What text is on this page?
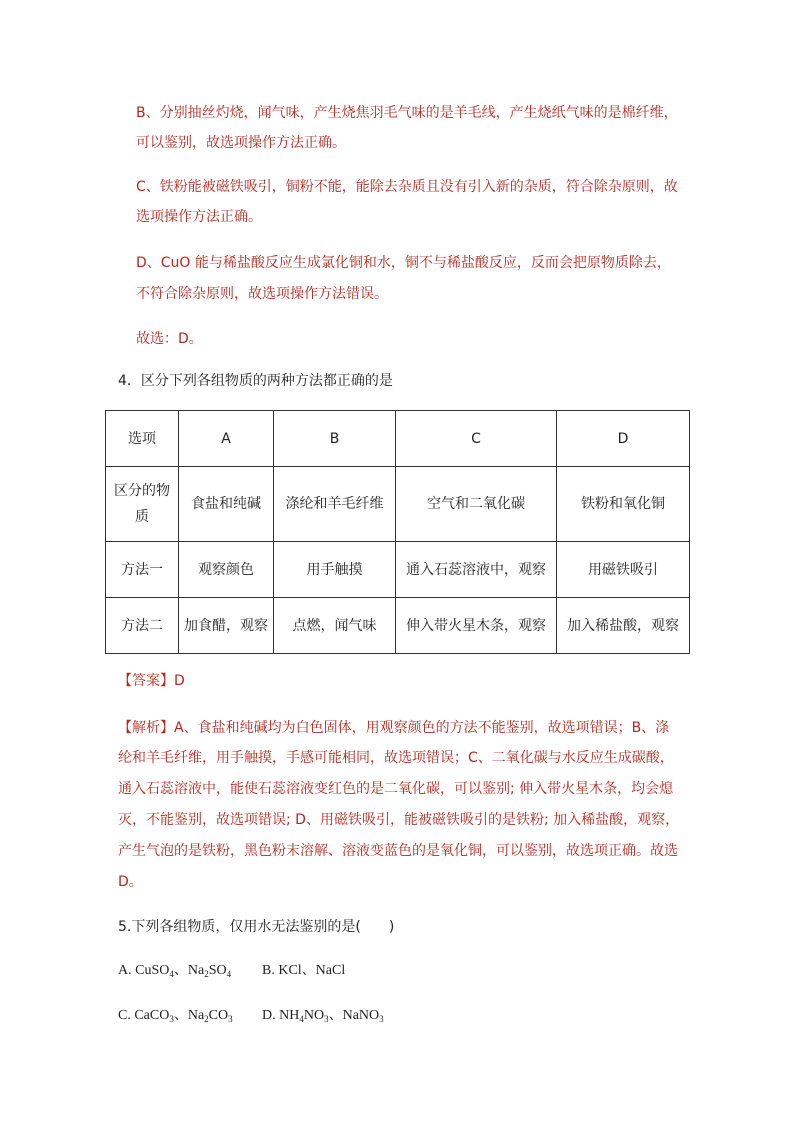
B、分别抽丝灼烧，闻气味，产生烧焦羽毛气味的是羊毛线，产生烧纸气味的是棉纤维，

可以鉴别，故选项操作方法正确。

C、铁粉能被磁铁吸引，铜粉不能，能除去杂质且没有引入新的杂质，符合除杂原则，故

选项操作方法正确。

D、CuO 能与稀盐酸反应生成氯化铜和水，铜不与稀盐酸反应，反而会把原物质除去，

不符合除杂原则，故选项操作方法错误。

故选：D。

4．区分下列各组物质的两种方法都正确的是

选项	A	B	C	D
区分的物
质	食盐和纯碱	涤纶和羊毛纤维	空气和二氧化碳	铁粉和氧化铜
方法一	观察颜色	用手触摸	通入石蕊溶液中，观察	用磁铁吸引
方法二	加食醋，观察	点燃，闻气味	伸入带火星木条，观察	加入稀盐酸，观察

【答案】D

【解析】A、食盐和纯碱均为白色固体，用观察颜色的方法不能鉴别，故选项错误；B、涤

纶和羊毛纤维，用手触摸，手感可能相同，故选项错误；C、二氧化碳与水反应生成碳酸，

通入石蕊溶液中，能使石蕊溶液变红色的是二氧化碳，可以鉴别; 伸入带火星木条，均会熄

灭，不能鉴别，故选项错误; D、用磁铁吸引，能被磁铁吸引的是铁粉; 加入稀盐酸，观察，

产生气泡的是铁粉，黑色粉末溶解、溶液变蓝色的是氧化铜，可以鉴别，故选项正确。故选

D。

5.下列各组物质，仅用水无法鉴别的是(　　)

A. CuSO$_4$、$Na_2SO_4$ B. KCl、NaCl

C. CaCO$_3$、$Na_2CO_3$ D. $NH_4NO_3$、NaNO$_3$
